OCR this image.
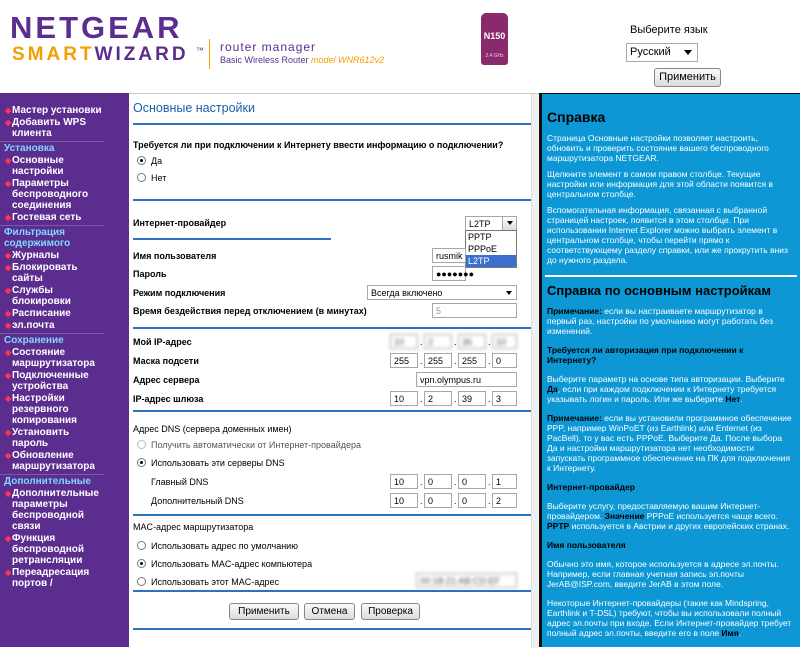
NETGEAR
SMARTWIZARD ™ router manager
Basic Wireless Router model WNR612v2
N150
2.4 GHz
Выберите язык
Русский
Применить
◆ Мастер установки
◆ Добавить WPS клиента
Установка
◆ Основные настройки
◆ Параметры беспроводного соединения
◆ Гостевая сеть
Фильтрация содержимого
◆ Журналы
◆ Блокировать сайты
◆ Службы блокировки
◆ Расписание
◆ эл.почта
Сохранение
◆ Состояние маршрутизатора
◆ Подключенные устройства
◆ Настройки резервного копирования
◆ Установить пароль
◆ Обновление маршрутизатора
Дополнительные
◆ Дополнительные параметры беспроводной связи
◆ Функция беспроводной ретрансляции
◆ Переадресация портов /
Основные настройки
Требуется ли при подключении к Интернету ввести информацию о подключении?
Да
Нет
Интернет-провайдер	L2TP
PPTP
PPPoE
L2TP
Имя пользователя	rusmik
Пароль	●●●●●●●
Режим подключения	Всегда включено
Время бездействия перед отключением (в минутах)	5
Мой IP-адрес	10	. 2	. 36	. 10
Маска подсети	255	. 255	. 255	. 0
Адрес сервера	vpn.olympus.ru
IP-адрес шлюза	10	. 2	. 39	. 3
Адрес DNS (сервера доменных имен)
Получить автоматически от Интернет-провайдера
Использовать эти серверы DNS
Главный DNS	10	. 0	. 0	. 1
Дополнительный DNS	10	. 0	. 0	. 2
MAC-адрес маршрутизатора
Использовать адрес по умолчанию
Использовать MAC-адрес компьютера
Использовать этот MAC-адрес	00:1B:21:AB:CD:EF
Применить	Отмена	Проверка
Справка
Страница Основные настройки позволяет настроить, обновить и проверить состояние вашего беспроводного маршрутизатора NETGEAR.
Щелкните элемент в самом правом столбце. Текущие настройки или информация для этой области появится в центральном столбце.
Вспомогательная информация, связанная с выбранной страницей настроек, появится в этом столбце. При использовании Internet Explorer можно выбрать элемент в центральном столбце, чтобы перейти прямо к соответствующему разделу справки, или же прокрутить вниз до нужного раздела.
Справка по основным настройкам
Примечание: если вы настраиваете маршрутизатор в первый раз, настройки по умолчанию могут работать без изменений.
Требуется ли авторизация при подключении к Интернету?
Выберите параметр на основе типа авторизации. Выберите Да, если при каждом подключении к Интернету требуется указывать логин и пароль. Или же выберите Нет.
Примечание: если вы установили программное обеспечение PPP, например WinPoET (из Earthlink) или Enternet (из PacBell), то у вас есть PPPoE. Выберите Да. После выбора Да и настройки маршрутизатора нет необходимости запускать программное обеспечение на ПК для подключения к Интернету.
Интернет-провайдер
Выберите услугу, предоставляемую вашим Интернет-провайдером. Значение PPPoE используется чаще всего. PPTP используется в Австрии и других европейских странах.
Имя пользователя
Обычно это имя, которое используется в адресе эл.почты. Например, если главная учетная запись эл.почты JerAB@ISP.com, введите JerAB в этом поле.
Некоторые Интернет-провайдеры (такие как Mindspring, Earthlink и T-DSL) требуют, чтобы вы использовали полный адрес эл.почты при входе. Если Интернет-провайдер требует полный адрес эл.почты, введите его в поле Имя.
